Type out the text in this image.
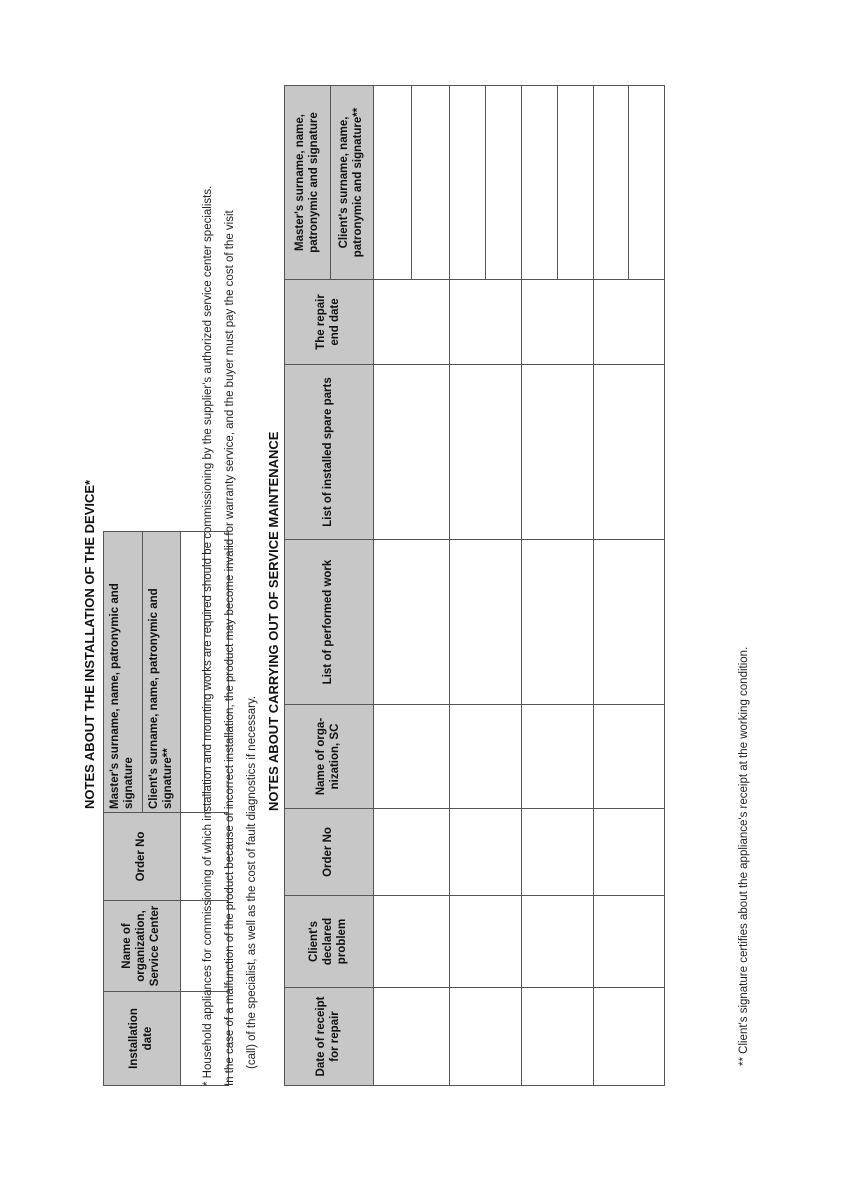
NOTES ABOUT THE INSTALLATION OF THE DEVICE*
Installation date	Name of organization, Service Center	Order No	Master's surname, name, patronymic and signature
			Client's surname, name, patronymic and signature**
			* Household appliances for commissioning of which installation and mounting works are required should be commissioning by the supplier's authorized service center specialists. In the case of a malfunction of the product because of incorrect installation, the product may become invalid for warranty service, and the buyer must pay the cost of the visit (call) of the specialist, as well as the cost of fault diagnostics if necessary.
NOTES ABOUT CARRYING OUT OF SERVICE MAINTENANCE
Date of receipt for repair	Client's declared problem	Order No	Name of orga-nization, SC	List of performed work	List of installed spare parts	The repair end date	Master's surname, name, patronymic and signature
							Client's surname, name, patronymic and signature**

** Client's signature certifies about the appliance's receipt at the working condition.
